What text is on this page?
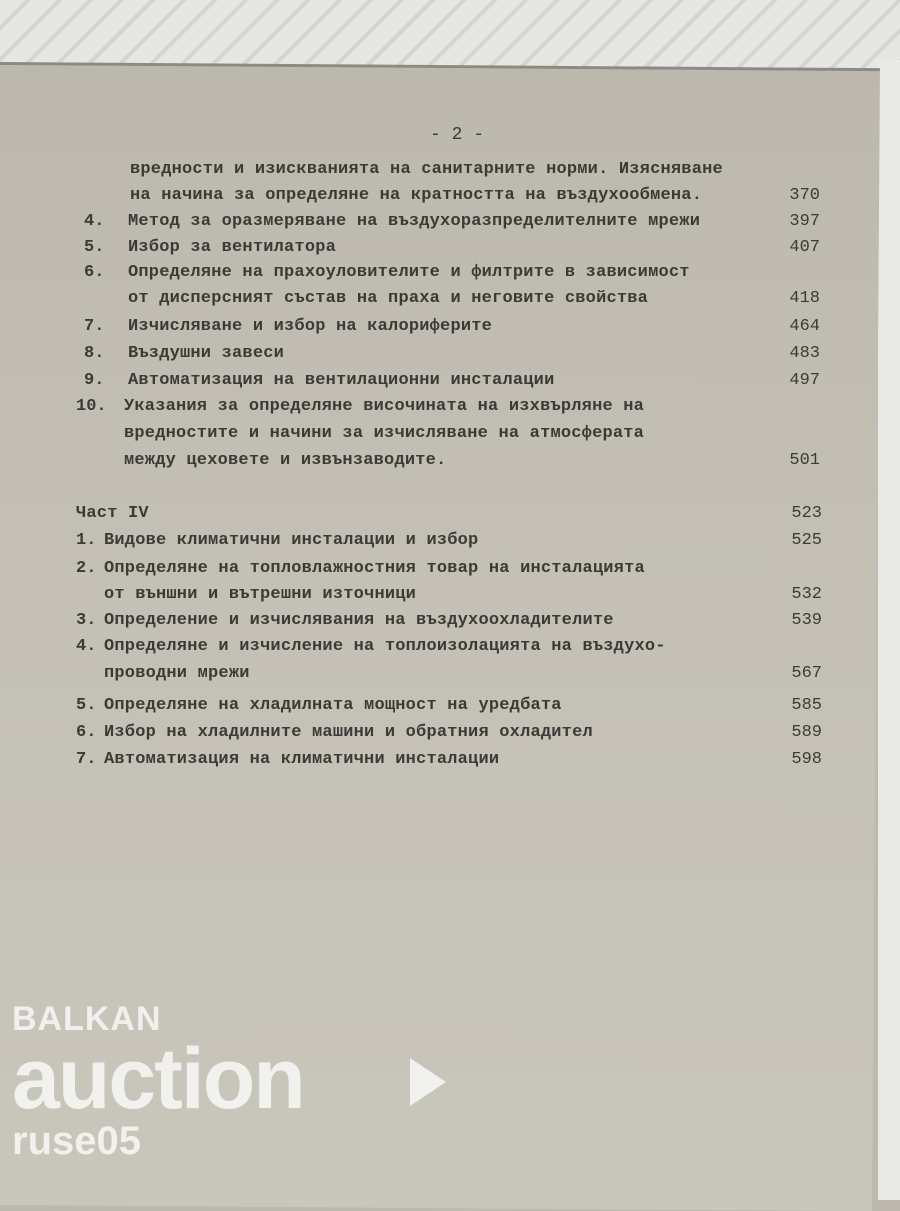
- 2 -
вредности и изискванията на санитарните норми. Изясняване
на начина за определяне на кратността на въздухообмена.	370
4. Метод за оразмеряване на въздухоразпределителните мрежи	397
5. Избор за вентилатора	407
6. Определяне на прахоуловителите и филтрите в зависимост
от дисперсният състав на праха и неговите свойства	418
7. Изчисляване и избор на калориферите	464
8. Въздушни завеси	483
9. Автоматизация на вентилационни инсталации	497
10. Указания за определяне височината на изхвърляне на
вредностите и начини за изчисляване на атмосферата
между цеховете и извънзаводите.	501
Част IV	523
1. Видове климатични инсталации и избор	525
2. Определяне на топловлажностния товар на инсталацията
от външни и вътрешни източници	532
3. Определение и изчислявания на въздухоохладителите	539
4. Определяне и изчисление на топлоизолацията на въздухо-
проводни мрежи	567
5. Определяне на хладилната мощност на уредбата	585
6. Избор на хладилните машини и обратния охладител	589
7. Автоматизация на климатични инсталации	598
BALKAN
auction
ruse05
